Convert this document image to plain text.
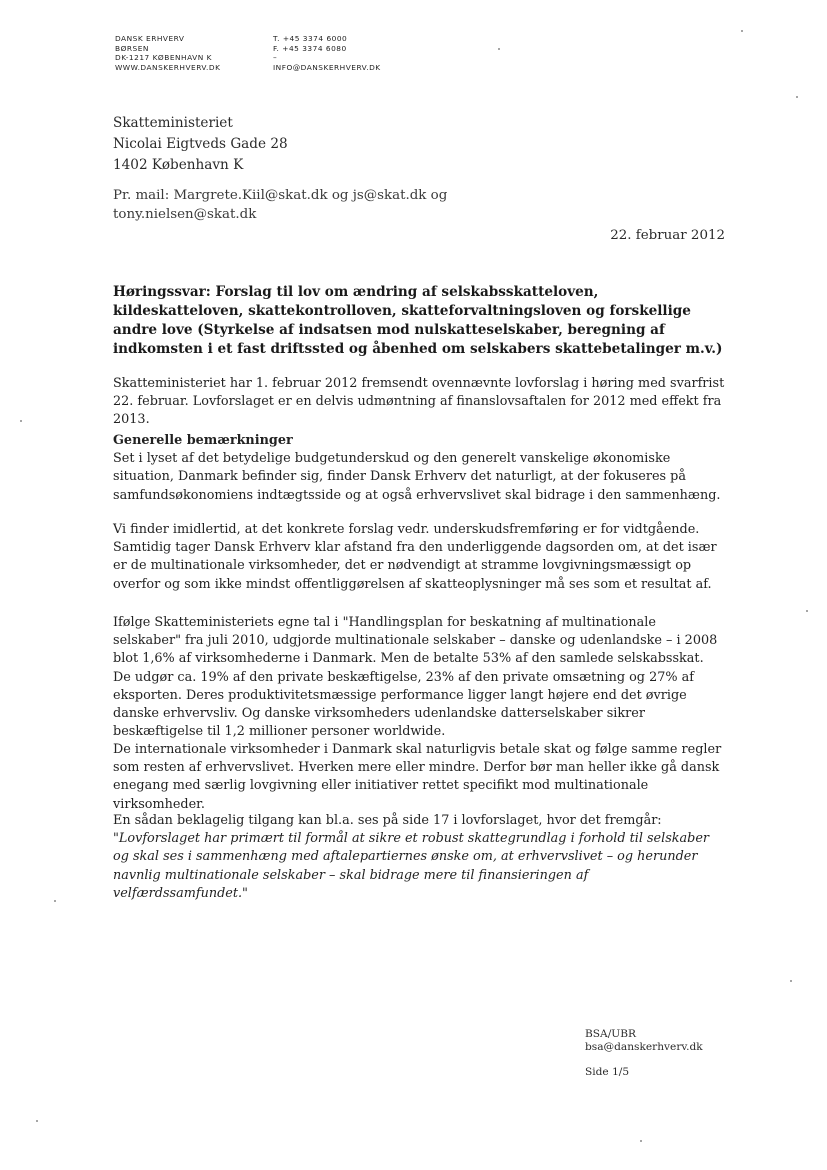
DANSK ERHVERV
BØRSEN
DK-1217 KØBENHAVN K
WWW.DANSKERHVERV.DK
T. +45 3374 6000
F. +45 3374 6080
–
INFO@DANSKERHVERV.DK
Skatteministeriet
Nicolai Eigtveds Gade 28
1402 København K
Pr. mail: Margrete.Kiil@skat.dk og js@skat.dk og
tony.nielsen@skat.dk
22. februar 2012
Høringssvar: Forslag til lov om ændring af selskabsskatteloven, kildeskatteloven, skattekontrolloven, skatteforvaltningsloven og forskellige andre love (Styrkelse af indsatsen mod nulskatteselskaber, beregning af indkomsten i et fast driftssted og åbenhed om selskabers skattebetalinger m.v.)

Skatteministeriet har 1. februar 2012 fremsendt ovennævnte lovforslag i høring med svarfrist 22. februar. Lovforslaget er en delvis udmøntning af finanslovsaftalen for 2012 med effekt fra 2013.

Generelle bemærkninger

Set i lyset af det betydelige budgetunderskud og den generelt vanskelige økonomiske situation, Danmark befinder sig, finder Dansk Erhverv det naturligt, at der fokuseres på samfundsøkonomiens indtægtsside og at også erhvervslivet skal bidrage i den sammenhæng.

Vi finder imidlertid, at det konkrete forslag vedr. underskudsfremføring er for vidtgående. Samtidig tager Dansk Erhverv klar afstand fra den underliggende dagsorden om, at det især er de multinationale virksomheder, det er nødvendigt at stramme lovgivningsmæssigt op overfor og som ikke mindst offentliggørelsen af skatteoplysninger må ses som et resultat af.

Ifølge Skatteministeriets egne tal i "Handlingsplan for beskatning af multinationale selskaber" fra juli 2010, udgjorde multinationale selskaber – danske og udenlandske – i 2008 blot 1,6% af virksomhederne i Danmark. Men de betalte 53% af den samlede selskabsskat. De udgør ca. 19% af den private beskæftigelse, 23% af den private omsætning og 27% af eksporten. Deres produktivitetsmæssige performance ligger langt højere end det øvrige danske erhvervsliv. Og danske virksomheders udenlandske datterselskaber sikrer beskæftigelse til 1,2 millioner personer worldwide.

De internationale virksomheder i Danmark skal naturligvis betale skat og følge samme regler som resten af erhvervslivet. Hverken mere eller mindre. Derfor bør man heller ikke gå dansk enegang med særlig lovgivning eller initiativer rettet specifikt mod multinationale virksomheder.

En sådan beklagelig tilgang kan bl.a. ses på side 17 i lovforslaget, hvor det fremgår: "Lovforslaget har primært til formål at sikre et robust skattegrundlag i forhold til selskaber og skal ses i sammenhæng med aftalepartiernes ønske om, at erhvervslivet – og herunder navnlig multinationale selskaber – skal bidrage mere til finansieringen af velfærdssamfundet."

BSA/UBR
bsa@danskerhverv.dk
Side 1/5
